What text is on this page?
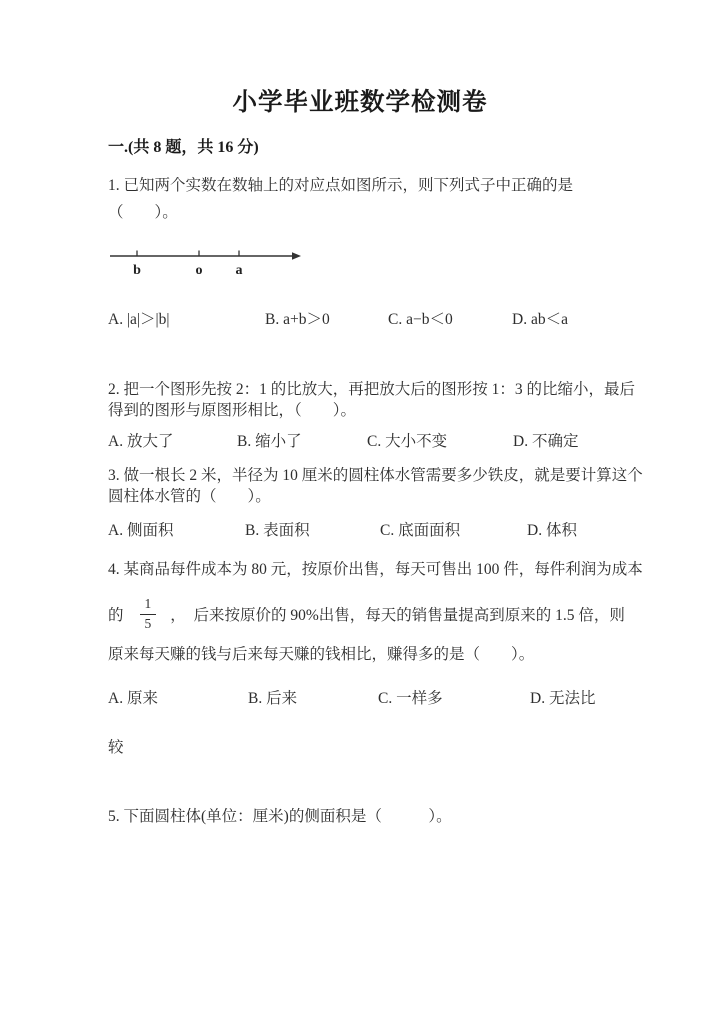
小学毕业班数学检测卷
一.(共 8 题，共 16 分)
1. 已知两个实数在数轴上的对应点如图所示，则下列式子中正确的是
（　　）。
b	o a
A. |a|＞|b|	B. a+b＞0	C. a−b＜0	D. ab＜a
2. 把一个图形先按 2：1 的比放大，再把放大后的图形按 1：3 的比缩小，最后
得到的图形与原图形相比，（　　）。
A. 放大了	B. 缩小了	C. 大小不变	D. 不确定
3. 做一根长 2 米，半径为 10 厘米的圆柱体水管需要多少铁皮，就是要计算这个
圆柱体水管的（　　）。
A. 侧面积	B. 表面积	C. 底面面积	D. 体积
4. 某商品每件成本为 80 元，按原价出售，每天可售出 100 件，每件利润为成本
的 $\frac{1}{5}$ ，　后来按原价的 90%出售，每天的销售量提高到原来的 1.5 倍，则
原来每天赚的钱与后来每天赚的钱相比，赚得多的是（　　）。
A. 原来	B. 后来	C. 一样多	D. 无法比
较
5. 下面圆柱体(单位：厘米)的侧面积是（　　　）。
